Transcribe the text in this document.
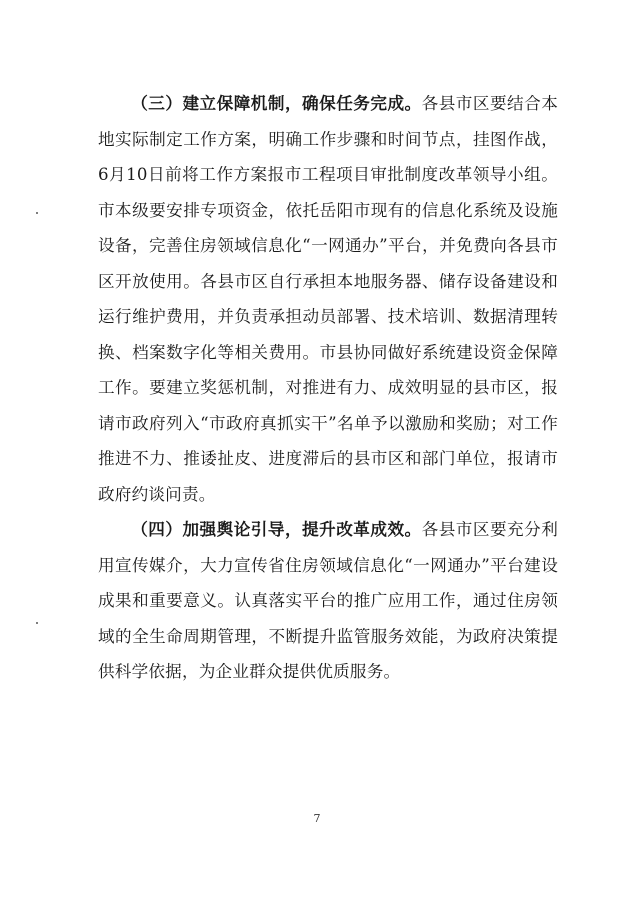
（三）建立保障机制，确保任务完成。各县市区要结合本地实际制定工作方案，明确工作步骤和时间节点，挂图作战，6月10日前将工作方案报市工程项目审批制度改革领导小组。市本级要安排专项资金，依托岳阳市现有的信息化系统及设施设备，完善住房领域信息化“一网通办”平台，并免费向各县市区开放使用。各县市区自行承担本地服务器、储存设备建设和运行维护费用，并负责承担动员部署、技术培训、数据清理转换、档案数字化等相关费用。市县协同做好系统建设资金保障工作。要建立奖惩机制，对推进有力、成效明显的县市区，报请市政府列入“市政府真抓实干”名单予以激励和奖励；对工作推进不力、推诿扯皮、进度滞后的县市区和部门单位，报请市政府约谈问责。

（四）加强舆论引导，提升改革成效。各县市区要充分利用宣传媒介，大力宣传省住房领域信息化“一网通办”平台建设成果和重要意义。认真落实平台的推广应用工作，通过住房领域的全生命周期管理，不断提升监管服务效能，为政府决策提供科学依据，为企业群众提供优质服务。

7
